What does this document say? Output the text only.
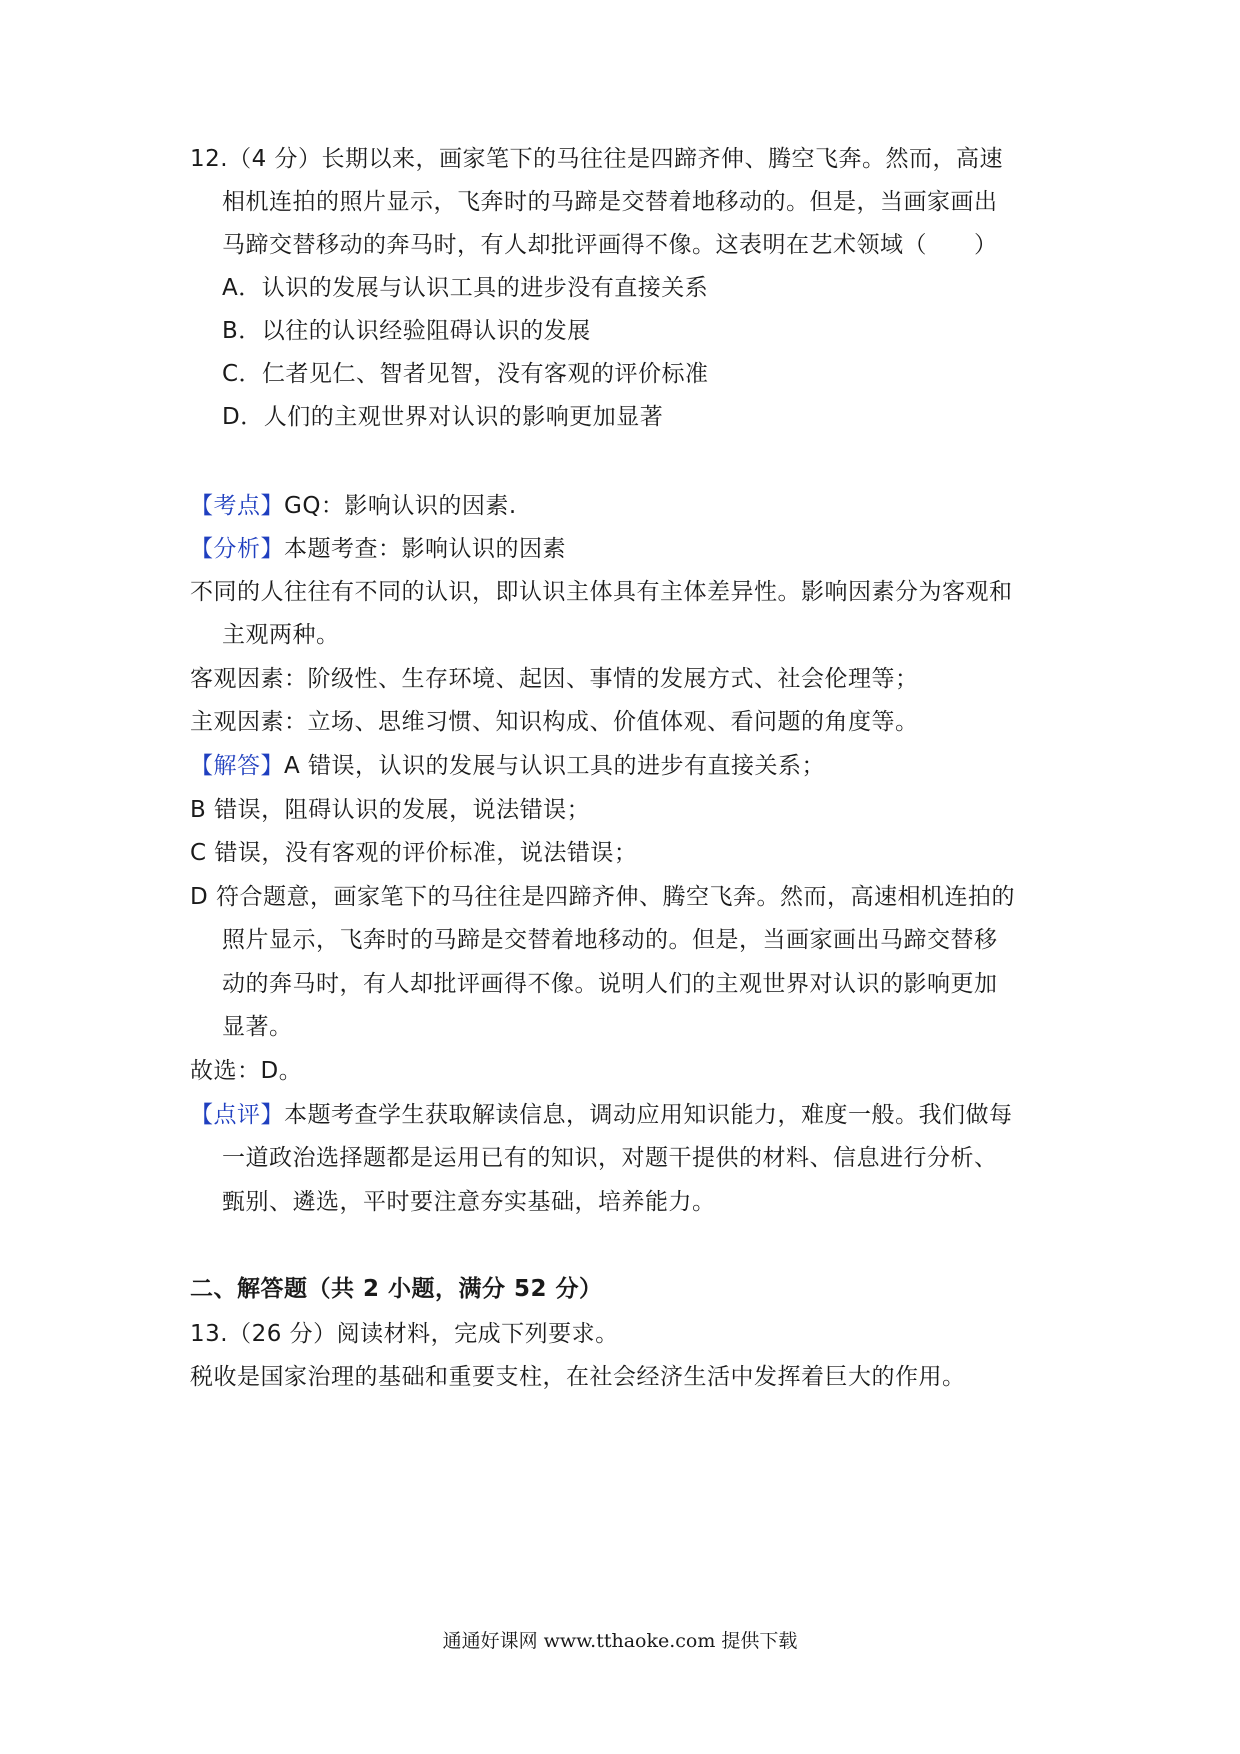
12.（4 分）长期以来，画家笔下的马往往是四蹄齐伸、腾空飞奔。然而，高速
相机连拍的照片显示，飞奔时的马蹄是交替着地移动的。但是，当画家画出
马蹄交替移动的奔马时，有人却批评画得不像。这表明在艺术领域（　　）
A．认识的发展与认识工具的进步没有直接关系
B．以往的认识经验阻碍认识的发展
C．仁者见仁、智者见智，没有客观的评价标准
D．人们的主观世界对认识的影响更加显著
【考点】GQ：影响认识的因素.
【分析】本题考查：影响认识的因素
不同的人往往有不同的认识，即认识主体具有主体差异性。影响因素分为客观和
主观两种。
客观因素：阶级性、生存环境、起因、事情的发展方式、社会伦理等；
主观因素：立场、思维习惯、知识构成、价值体观、看问题的角度等。
【解答】A 错误，认识的发展与认识工具的进步有直接关系；
B 错误，阻碍认识的发展，说法错误；
C 错误，没有客观的评价标准，说法错误；
D 符合题意，画家笔下的马往往是四蹄齐伸、腾空飞奔。然而，高速相机连拍的
照片显示，飞奔时的马蹄是交替着地移动的。但是，当画家画出马蹄交替移
动的奔马时，有人却批评画得不像。说明人们的主观世界对认识的影响更加
显著。
故选：D。
【点评】本题考查学生获取解读信息，调动应用知识能力，难度一般。我们做每
一道政治选择题都是运用已有的知识，对题干提供的材料、信息进行分析、
甄别、遴选，平时要注意夯实基础，培养能力。
二、解答题（共 2 小题，满分 52 分）
13.（26 分）阅读材料，完成下列要求。
税收是国家治理的基础和重要支柱，在社会经济生活中发挥着巨大的作用。
通通好课网 www.tthaoke.com 提供下载
